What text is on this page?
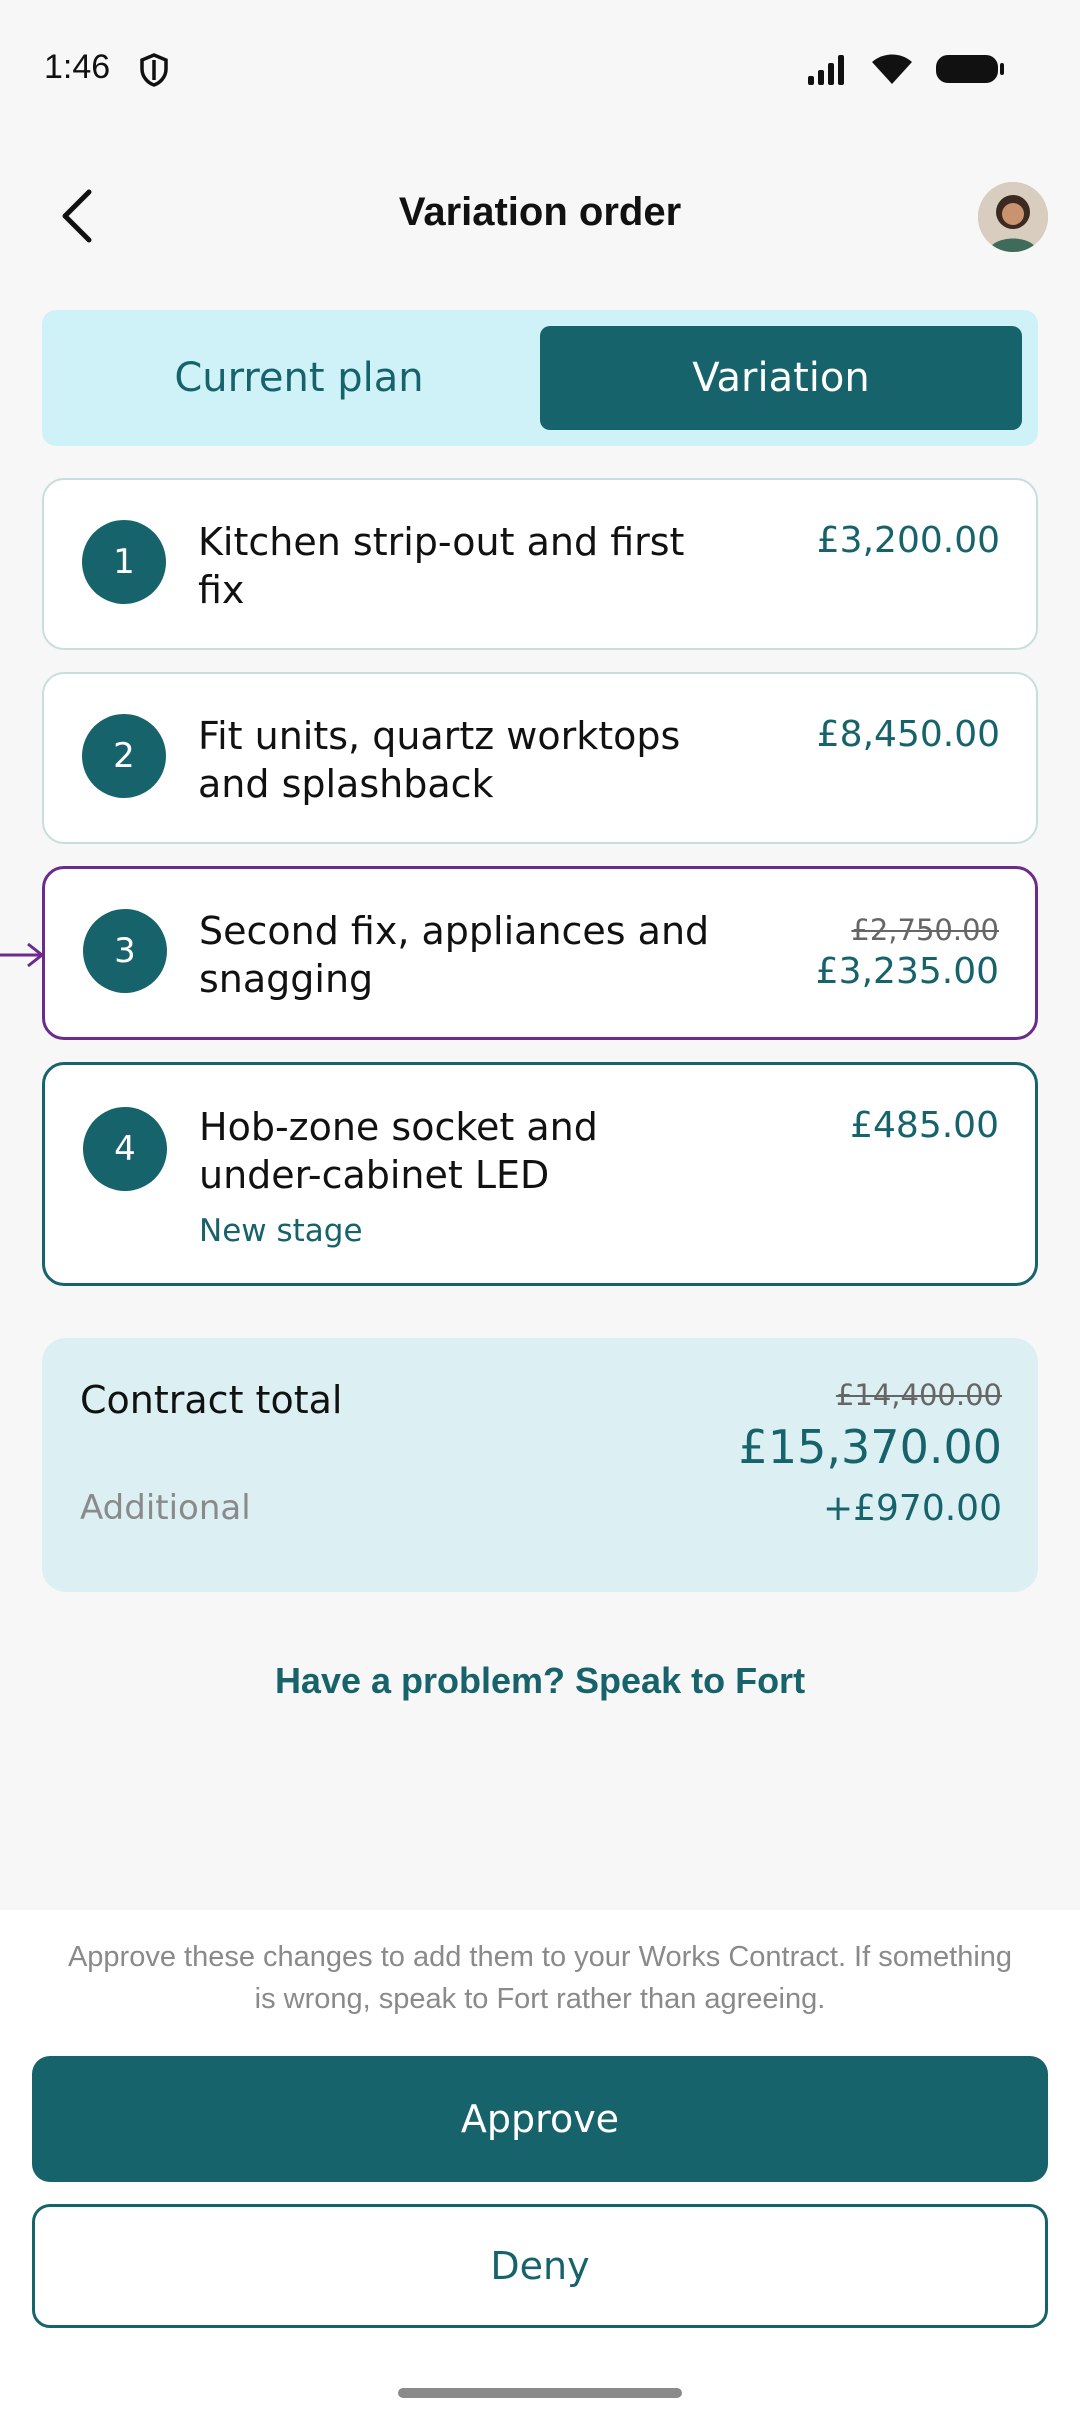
1:46
Variation order
Current plan	Variation
1	Kitchen strip-out and first fix
£3,200.00
2	Fit units, quartz worktops and splashback
£8,450.00
3	Second fix, appliances and snagging
£2,750.00
£3,235.00
4	Hob-zone socket and under-cabinet LED
New stage
£485.00
Contract total	£14,400.00
£15,370.00
Additional	+£970.00
Have a problem? Speak to Fort
Approve these changes to add them to your Works Contract. If something is wrong, speak to Fort rather than agreeing.
Approve
Deny
